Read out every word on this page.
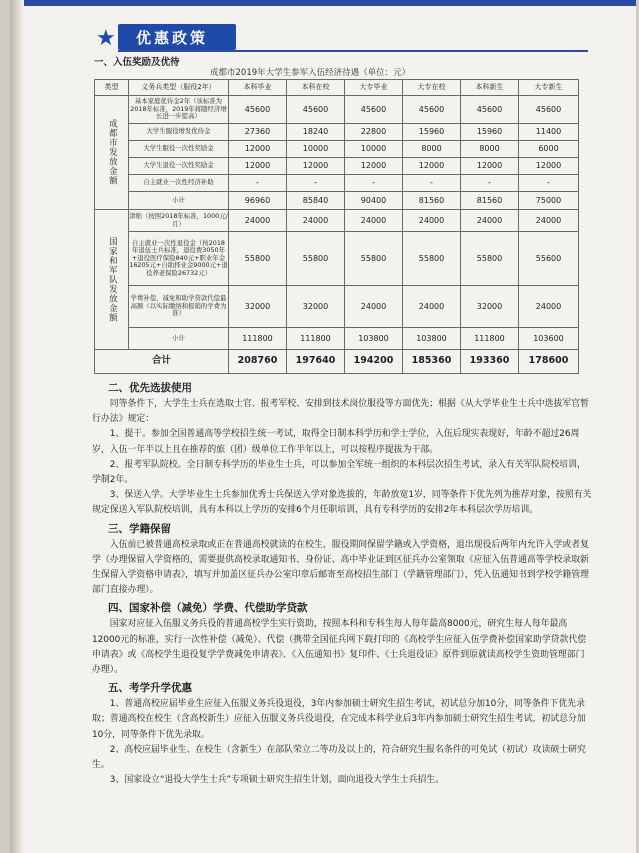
★ 优惠政策
一、入伍奖励及优待
成都市2019年大学生参军入伍经济待遇（单位：元）
类型	义务兵类型（服役2年）	本科毕业	本科在校	大专毕业	大专在校	本科新生	大专新生
成都市发放金额	基本家庭优待金2年（该标准为2018年标准，2019年将随经济增长进一步提高）	45600	45600	45600	45600	45600	45600
	大学生服役增发优待金	27360	18240	22800	15960	15960	11400
	大学生服役一次性奖励金	12000	10000	10000	8000	8000	6000
	大学生退役一次性奖励金	12000	12000	12000	12000	12000	12000
	自主就业一次性经济补助	-	-	-	-	-	-
	小计	96960	85840	90400	81560	81560	75000
国家和军队发放金额	津贴（按照2018年标准，1000元/月）	24000	24000	24000	24000	24000	24000
	自主就业一次性退役金（按2018年退伍士兵标准，退役费3050年+退役医疗保险840元+职业年金16205元+自助择业金9000元+退役养老保险26732元）	55800	55800	55800	55800	55800	55600
	学费补偿、减免和助学贷款代偿最高额（以实际缴纳和报销的学费为准）	32000	32000	24000	24000	32000	24000
	小计	111800	111800	103800	103800	111800	103600
合计		208760	197640	194200	185360	193360	178600
二、优先选拔使用

同等条件下，大学生士兵在选取士官、报考军校、安排到技术岗位服役等方面优先；根据《从大学毕业生士兵中选拔军官暂行办法》规定：

1、提干。参加全国普通高等学校招生统一考试，取得全日制本科学历和学士学位，入伍后现实表现好，年龄不超过26周岁，入伍一年半以上且在推荐的旅（团）级单位工作半年以上，可以按程序提拔为干部。

2、报考军队院校。全日制专科学历的毕业生士兵，可以参加全军统一组织的本科层次招生考试，录入有关军队院校培训，学制2年。

3、保送入学。大学毕业生士兵参加优秀士兵保送入学对象选拔的，年龄放宽1岁，同等条件下优先列为推荐对象，按照有关规定保送入军队院校培训，具有本科以上学历的安排6个月任职培训，具有专科学历的安排2年本科层次学历培训。

三、学籍保留

入伍前已被普通高校录取或正在普通高校就读的在校生，服役期间保留学籍或入学资格，退出现役后两年内允许入学或者复学（办理保留入学资格的，需要提供高校录取通知书、身份证、高中毕业证到区征兵办公室领取《应征入伍普通高等学校录取新生保留入学资格申请表》，填写并加盖区征兵办公室印章后邮寄至高校招生部门（学籍管理部门），凭入伍通知书到学校学籍管理部门直接办理）。

四、国家补偿（减免）学费、代偿助学贷款

国家对应征入伍服义务兵役的普通高校学生实行资助，按照本科和专科生每人每年最高8000元，研究生每人每年最高12000元的标准，实行一次性补偿（减免）、代偿（携带全国征兵网下载打印的《高校学生应征入伍学费补偿国家助学贷款代偿申请表》或《高校学生退役复学学费减免申请表》、《入伍通知书》复印件、《士兵退役证》原件到原就读高校学生资助管理部门办理）。

五、考学升学优惠

1、普通高校应届毕业生应征入伍服义务兵役退役，3年内参加硕士研究生招生考试，初试总分加10分，同等条件下优先录取；普通高校在校生（含高校新生）应征入伍服义务兵役退役，在完成本科学业后3年内参加硕士研究生招生考试，初试总分加10分，同等条件下优先录取。

2、高校应届毕业生、在校生（含新生）在部队荣立二等功及以上的，符合研究生报名条件的可免试（初试）攻读硕士研究生。

3、国家设立“退役大学生士兵”专项硕士研究生招生计划，面向退役大学生士兵招生。
